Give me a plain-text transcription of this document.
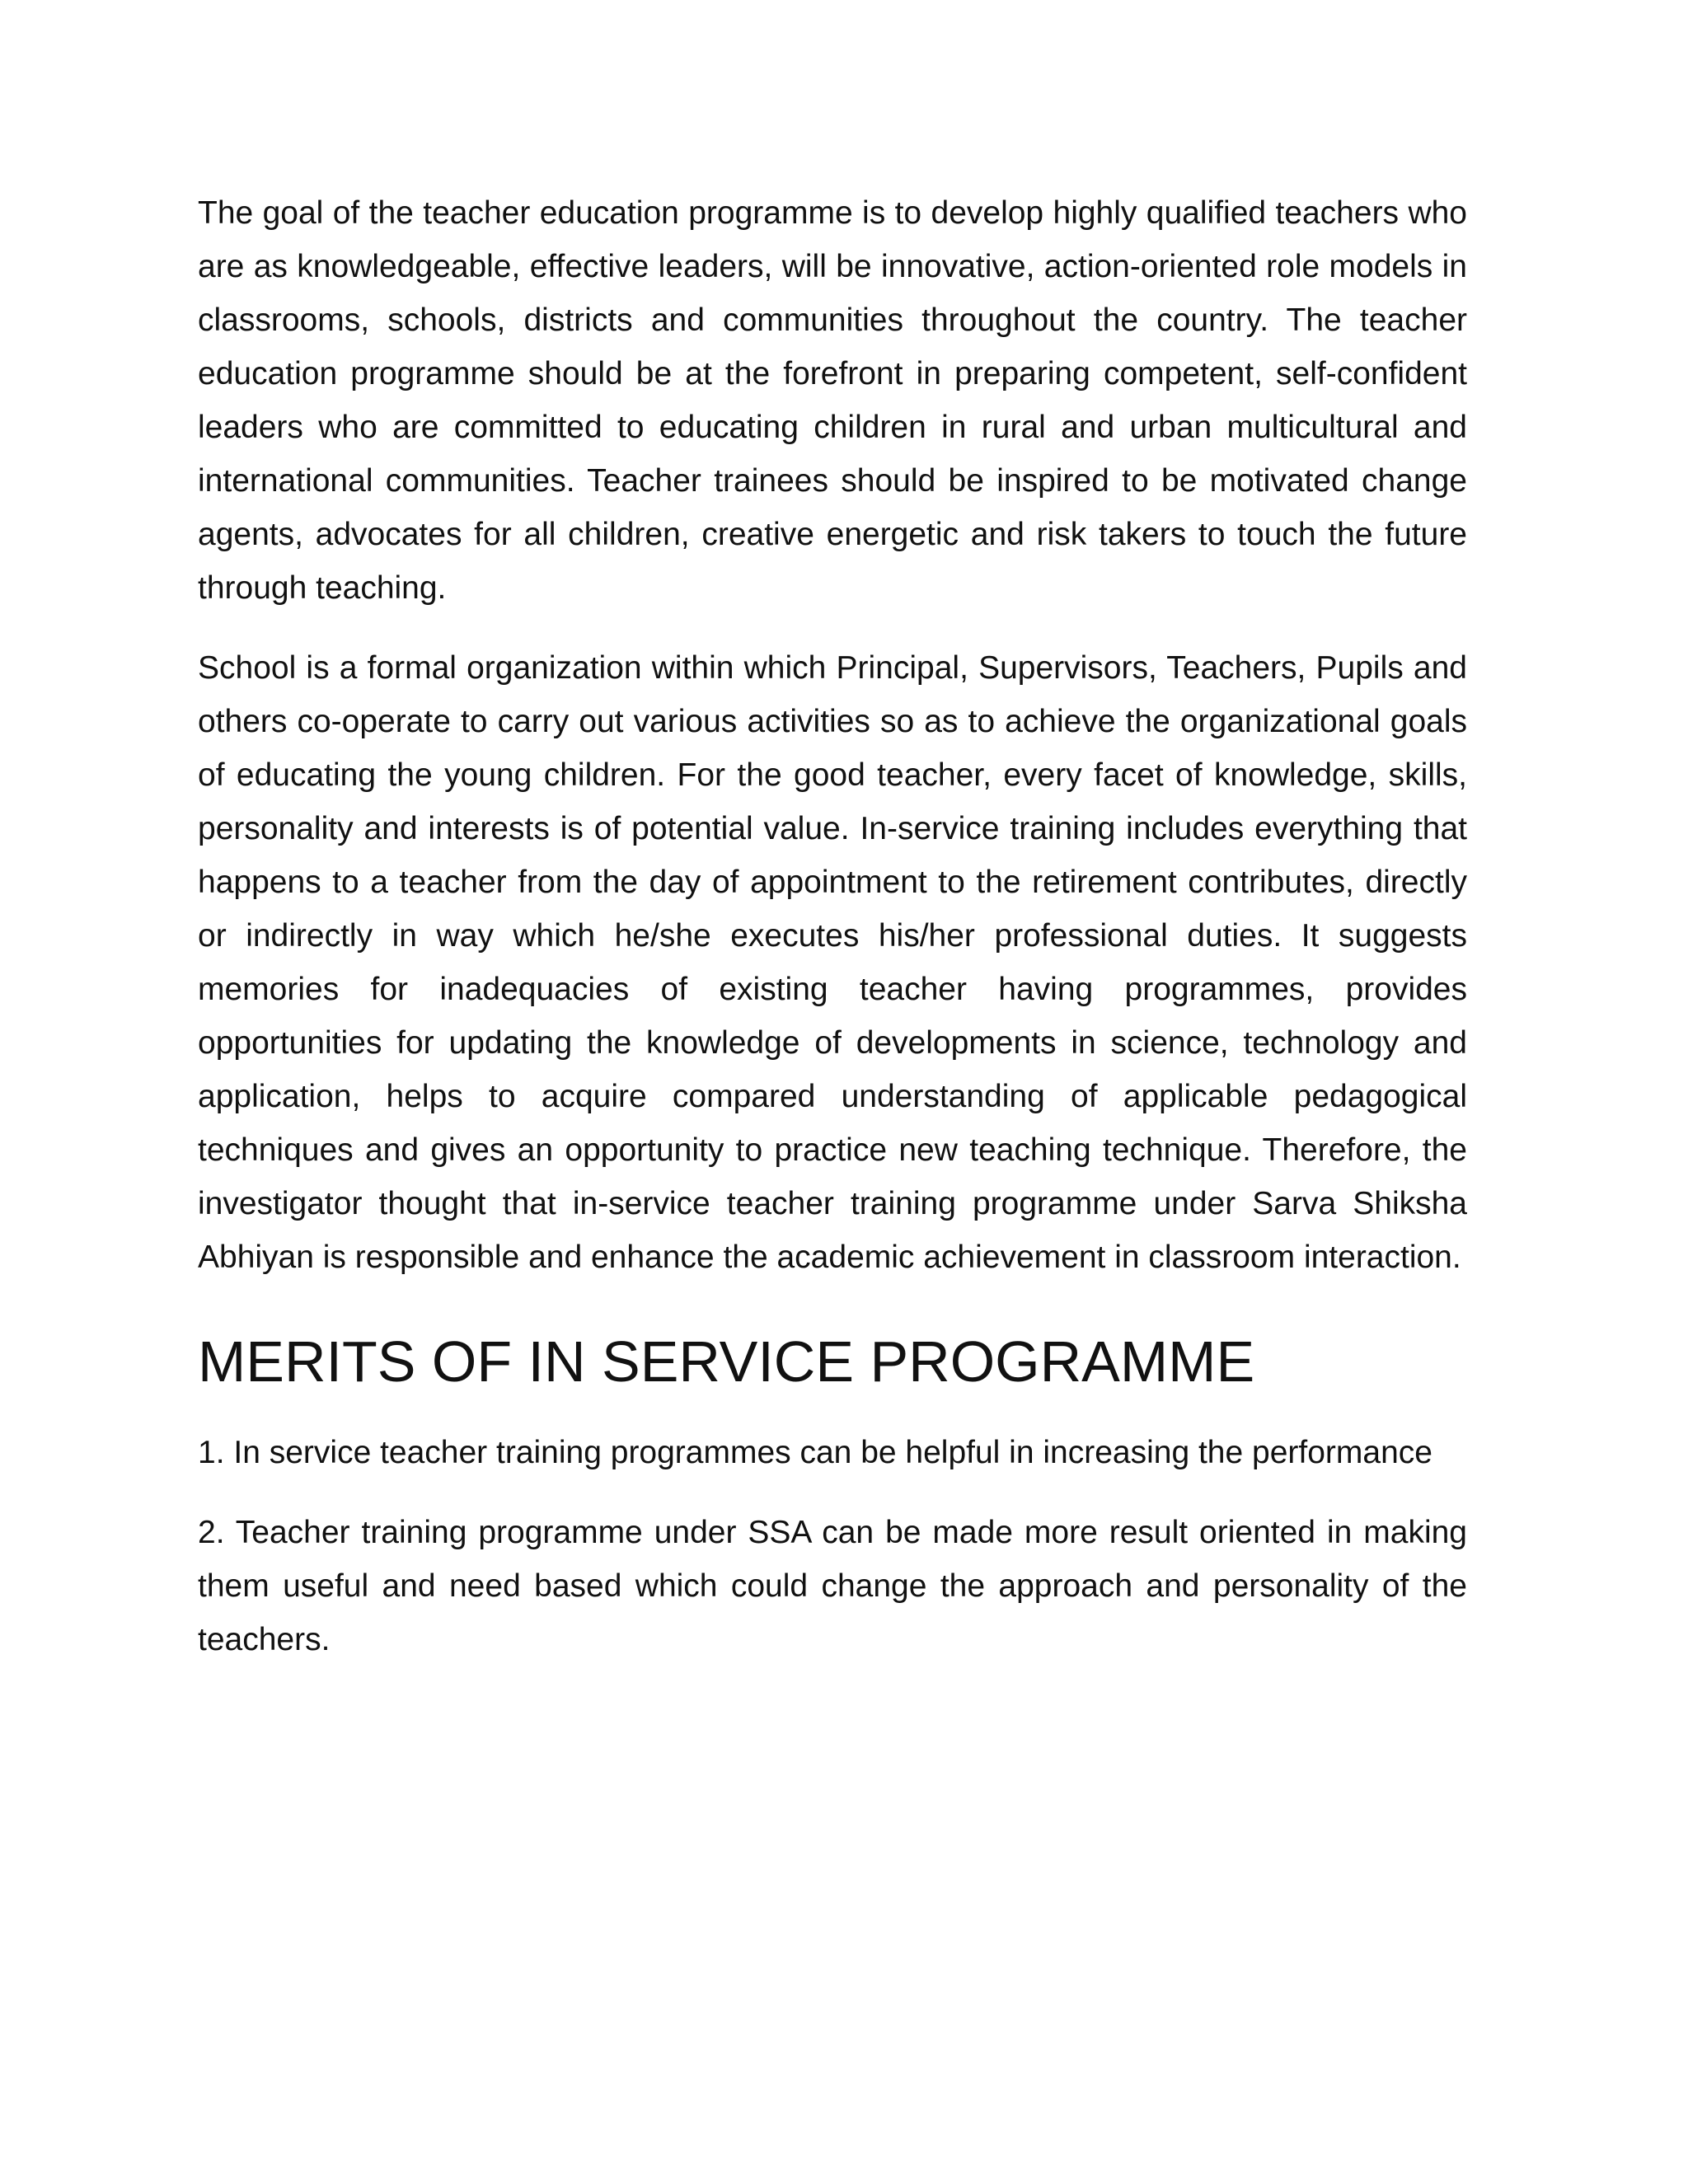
The goal of the teacher education programme is to develop highly qualified teachers who are as knowledgeable, effective leaders, will be innovative, action-oriented role models in classrooms, schools, districts and communities throughout the country. The teacher education programme should be at the forefront in preparing competent, self-confident leaders who are committed to educating children in rural and urban multicultural and international communities. Teacher trainees should be inspired to be motivated change agents, advocates for all children, creative energetic and risk takers to touch the future through teaching.

School is a formal organization within which Principal, Supervisors, Teachers, Pupils and others co-operate to carry out various activities so as to achieve the organizational goals of educating the young children. For the good teacher, every facet of knowledge, skills, personality and interests is of potential value. In-service training includes everything that happens to a teacher from the day of appointment to the retirement contributes, directly or indirectly in way which he/she executes his/her professional duties. It suggests memories for inadequacies of existing teacher having programmes, provides opportunities for updating the knowledge of developments in science, technology and application, helps to acquire compared understanding of applicable pedagogical techniques and gives an opportunity to practice new teaching technique. Therefore, the investigator thought that in-service teacher training programme under Sarva Shiksha Abhiyan is responsible and enhance the academic achievement in classroom interaction.

MERITS OF IN SERVICE PROGRAMME

1. In service teacher training programmes can be helpful in increasing the performance

2. Teacher training programme under SSA can be made more result oriented in making them useful and need based which could change the approach and personality of the teachers.
